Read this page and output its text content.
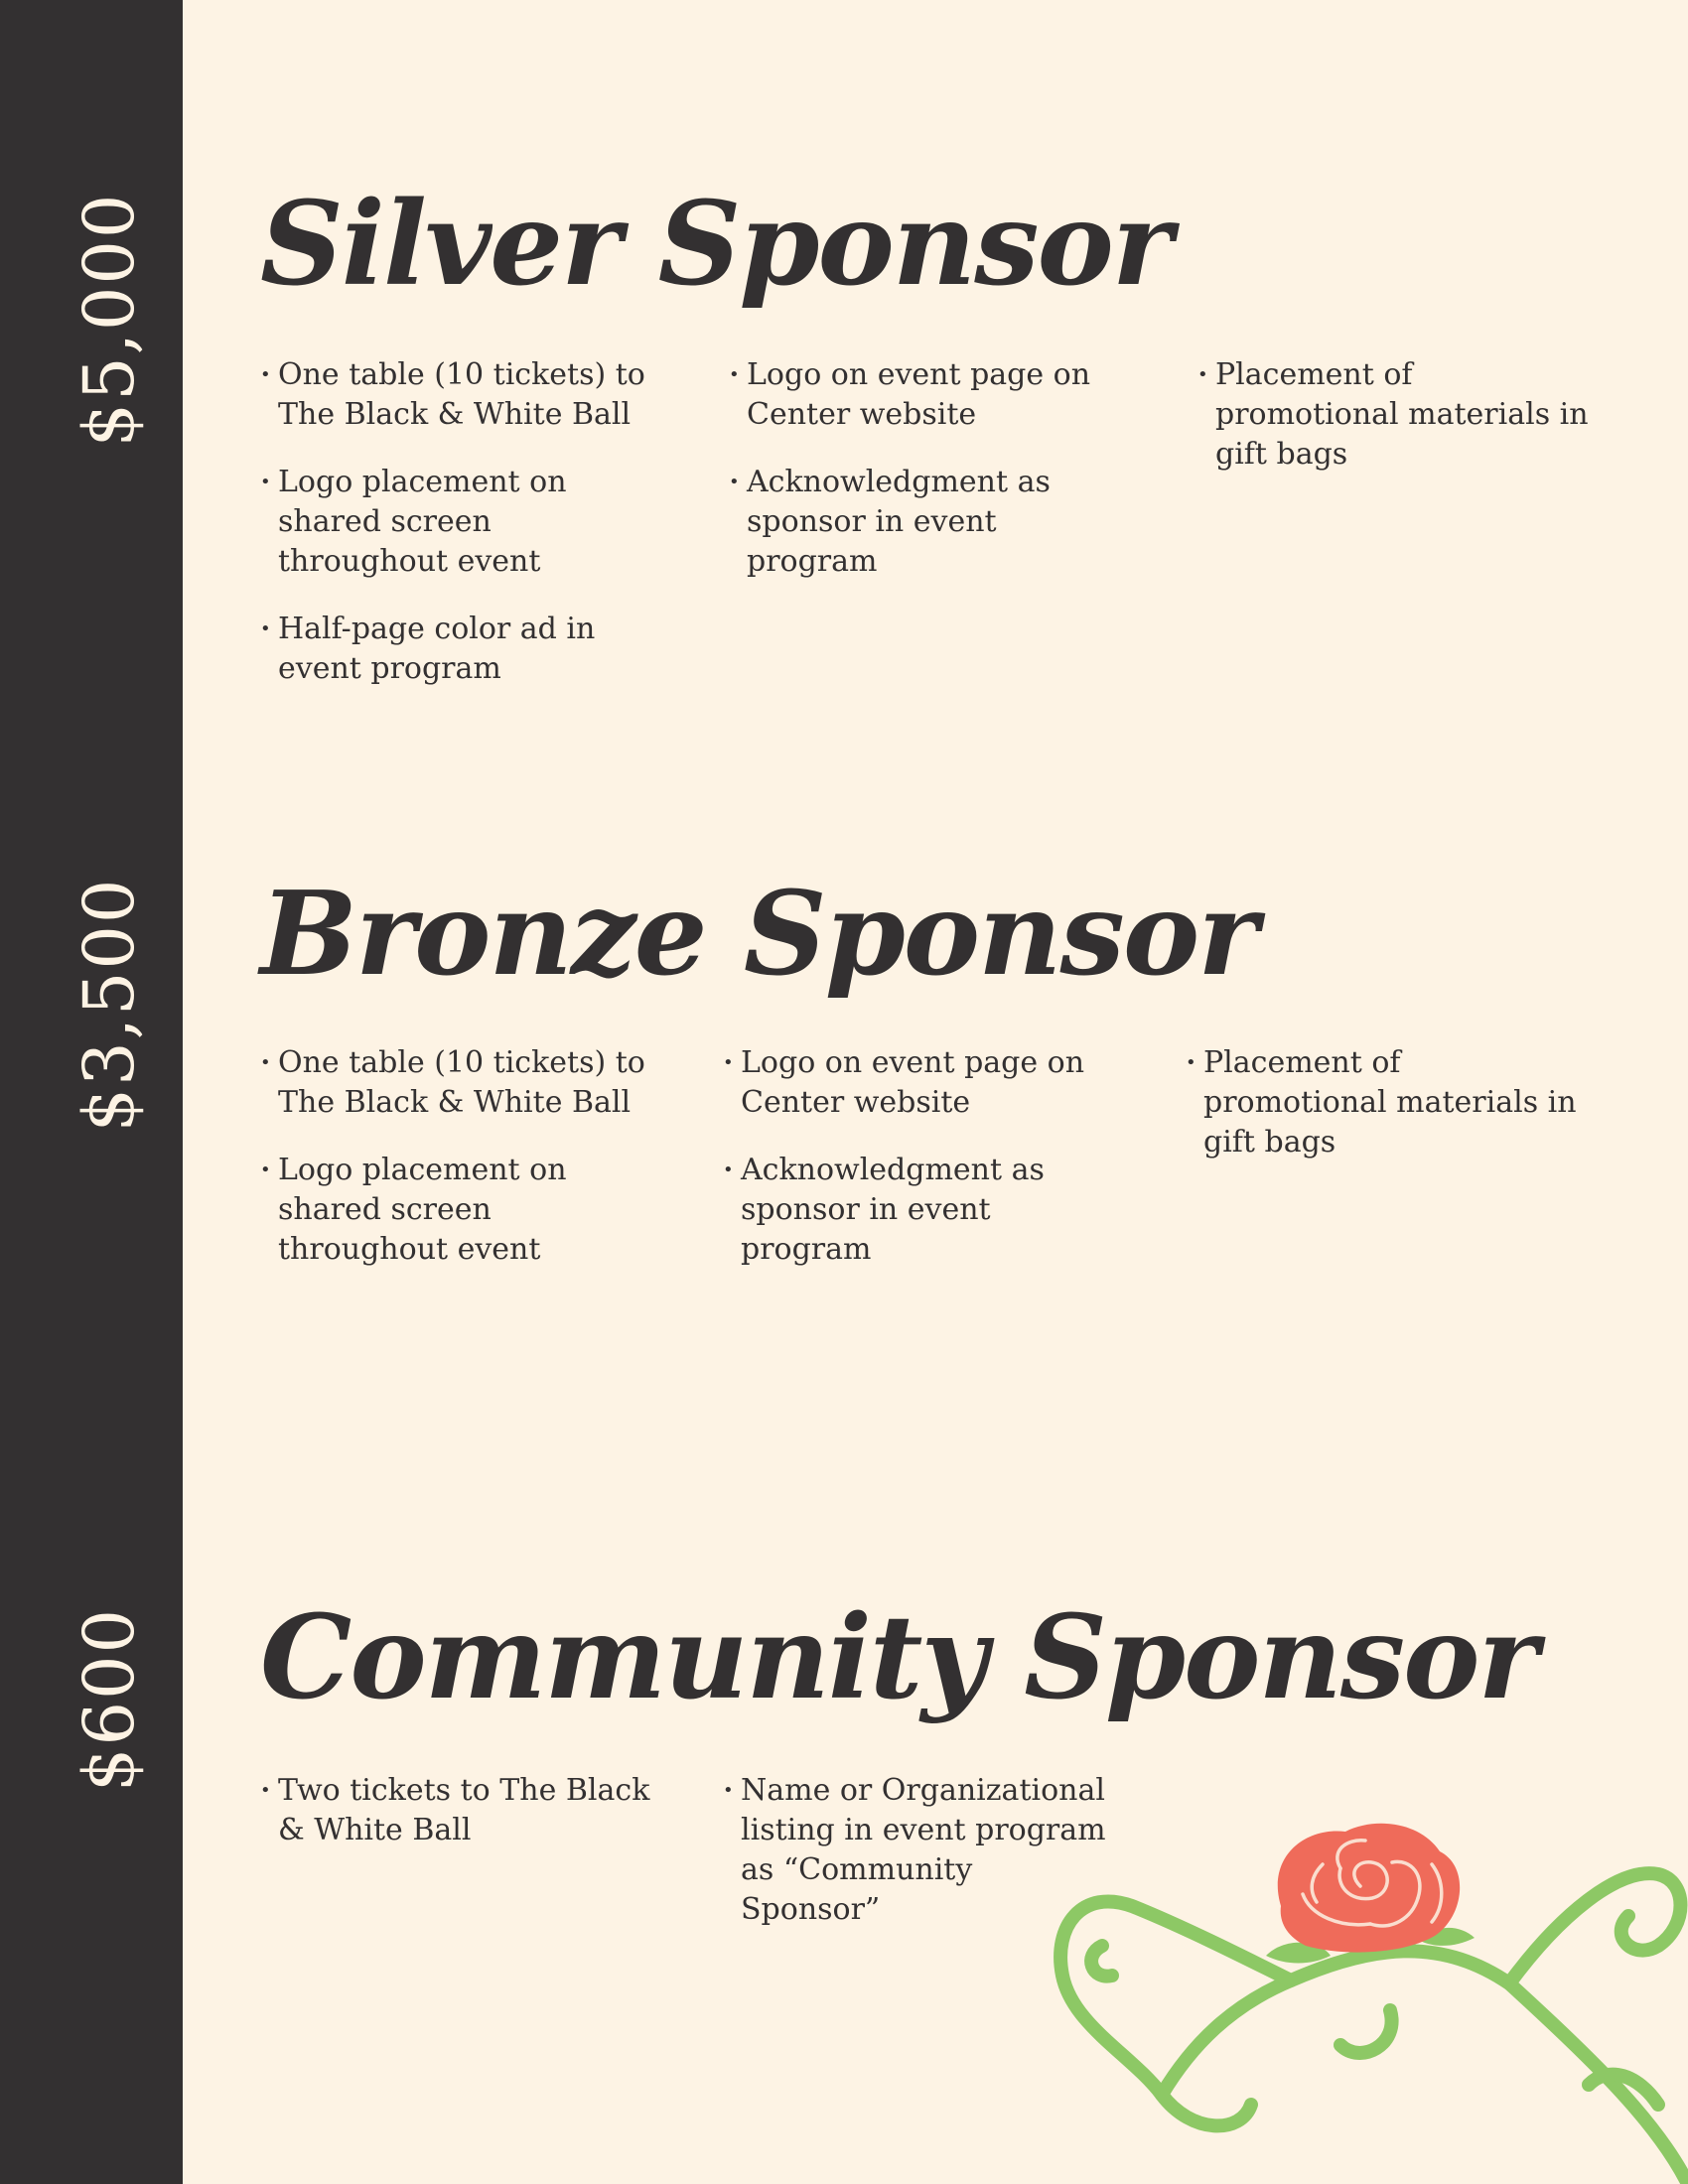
$5,000
$3,500
$600
Silver Sponsor
• One table (10 tickets) to The Black & White Ball
• Logo placement on shared screen throughout event
• Half-page color ad in event program
• Logo on event page on Center website
• Acknowledgment as sponsor in event program
• Placement of promotional materials in gift bags
Bronze Sponsor
• One table (10 tickets) to The Black & White Ball
• Logo placement on shared screen throughout event
• Logo on event page on Center website
• Acknowledgment as sponsor in event program
• Placement of promotional materials in gift bags
Community Sponsor
• Two tickets to The Black & White Ball
• Name or Organizational listing in event program as “Community Sponsor”
